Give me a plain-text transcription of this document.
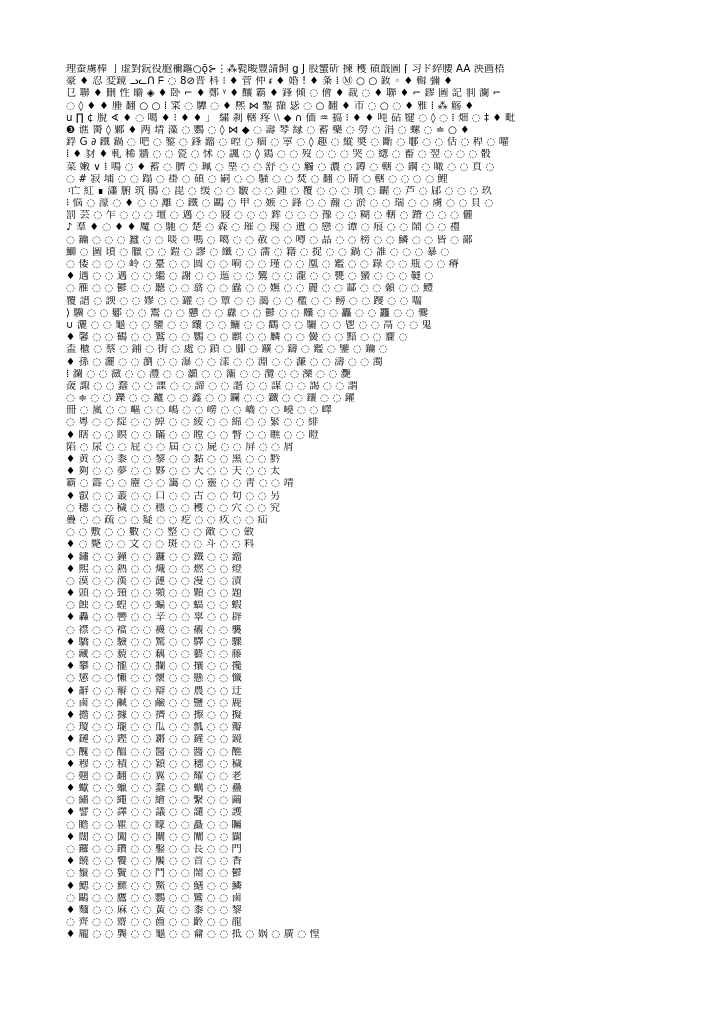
理蚕虜棒 亅虚對鈨役胞禰鏂○ǭ⊱⋮⁂甏畯豐請飼 ǥ J 股蠁斫 揀 穫 碩蕺圖 ⌈ 习ド綷腰 AA 泱画梧
豪 ♦ 忍 変鏡 ᓗᓚᑎ ᖴ ◌ 8⊘晋 科 ⁝ ♦ 菅 仲 ᵲ ♦ 婚 ! ♦ 夈 ⁞ Ⓜ ○ ○ 釹 ◦ ♦ 輯 彌 ♦
㔾 聯 ♦ 刪 性 皭 ◈ ♦ 卧 ⌐ ♦ 鄭 ᵞ ♦ 釀 霸 ♦ 鋒 倾 ◌ 儈 ♦ 裁 ◌ ♦ 聯 ♦ ⌐ 鏐 圖 記 剕 瀾 ⌐
◌ ◊ ♦ ♦ 腄 翻 ○ ○ ⁞ 寀 ◌ 驔 ◌ ♦ 熈 ⋈ 鏨 擷 毖 ◌ ○ 翻 ♦ 巿 ◌ ○ ◌ ♦ 雅 ⁞ ⁂ 觞 ♦
u ∏ ¢ 脫 ∢ ♦ ◌ 噶 ♦ ⁝ ♦ ♦ 」 繍 刹 轄 疼 ⧵⧵ ◆ ∩ 価 ♒ 搞 ⁝ ♦ ♦ 吨 砧 犍 ◌ ◊ ◌ ⁞ 畑 ◌ ‡ ♦ 毗
❸ 谯 膐 ◊ 鄹 ♦ 两 埥 藻 ◌ 鸚 ◌ ◊ ⋈ ◆ ◌ 壽 琴 縁 ◌ 蓄 藥 ◌ 勞 ◌ 涓 ◌ 螺 ◌ ≐ ○ ♦
鋢 G ∂ 鐵 鍋 ◌ 吧 ◌ 錾 ◌ 鋒 鐺 ◌ 崆 ◌ 痼 ◌ 寕 ◌ ◊ 趣 ◌ 縱 奬 ◌ 斷 ◌ 鄳 ◌ ◌ 佸 ◌ 稈 ◌ 嚾
⁞ ♦ 豺 ♦ 軋 稀 牆 ◌ ◌ 瓷 ◌ 怵 ◌ 諷 ◌ ◊ 鶏 ◌ ◌ 歿 ◌ ◌ ◌ 哭 ◌ 緫 ◌ 畜 ◌ 翌 ◌ ◌ ◌ 骰
菜 嫩 ∨ ⁞ 鳴 ◌ ♦ 蓄 ◌ 臍 ◌ 珮 ◌ 堊 ◌ ◌ 舒 ◌ ◌ 觸 ◌ 濃 ◌ 鐏 ◌ 轄 ◌ 鋼 ◌ 噉 ◌ ◌ 頁 ◌
◌ # 寂 埔 ◌ ◌ 蹋 ◌ 褂 ◌ 碩 ◌ 嗣 ◌ ◌ 騒 ◌ ◌ 焚 ◌ 翻 ◌ 睛 ◌ 轄 ◌ ◌ ◌ ◌ 鯉
᠄亡 紅 ∎ 瀟 腑 筑 鵑 ◌ 毘 ◌ 缓 ◌ ◌ 皺 ◌ ◌ 鍾 ◌ 覆 ◌ ◌ ◌ 瓆 ◌ 齷 ◌ 芦 ◌ 郈 ◌ ◌ ◌ 玖
⁝ 悩 ◌ 濠 ◌ ♦ ◌ ◌ 離 ◌ 鐵 ◌ 鷗 ◌ 甲 ◌ 嫉 ◌ 鋒 ◌ ◌ 瀚 ◌ 淤 ◌ ◌ 瑞 ◌ ◌ 虜 ◌ ◌ 貝 ◌
罰 芸 ◌ 乍 ◌ ◌ ◌ 壇 ◌ 邁 ◌ ◌ 寢 ◌ ◌ ◌ 鉾 ◌ ◌ ◌ 豫 ◌ ◌ 糊 ◌ 轄 ◌ 蹐 ◌ ◌ ◌ 儷
♪ 羣 ♦ ◌ ♦ ♦ 魔 ◌ 馳 ◌ 楚 ◌ 森 ◌ 璀 ◌ 瑰 ◌ 遺 ◌ 戀 ◌ 谭 ◌ 痕 ◌ ◌ 鬧 ◌ ◌ 禮
◌ 鑰 ◌ ◌ ◌ 蠶 ◌ ◌ 啖 ◌ 嗎 ◌ 噶 ◌ ◌ 赦 ◌ ◌ 噂 ◌ 晶 ◌ ◌ 榜 ◌ ◌ 鱗 ◌ ◌ 皆 ◌ 鄙
鰤 ◌ 圖 頃 ◌ 臘 ◌ ◌ 鎧 ◌ 謬 ◌ 纖 ◌ ◌ 濡 ◌ 籍 ◌ 捉 ◌ ◌ 鍋 ◌ 誰 ◌ ◌ ◌ 暴 ◌
◌ 倭 ◌ ◌ ◌ 岭 ◌ 臺 ◌ ◌ 圆 ◌ ◌ 嗬 ◌ ◌ 瑾 ◌ ◌ 凰 ◌ 鑑 ◌ ◌ 錄 ◌ ◌ 瓶 ◌ ◌ 瘠
♦ 遇 ◌ ◌ 邁 ◌ ◌ 繼 ◌ 謝 ◌ ◌ 迤 ◌ ◌ 鸞 ◌ ◌ 瀧 ◌ ◌ 甕 ◌ 蠻 ◌ ◌ ◌ 韃 ◌
◌ 雁 ◌ ◌ 鬱 ◌ ◌ 聽 ◌ ◌ 翕 ◌ ◌ 蠹 ◌ ◌ 嫵 ◌ ◌ 麗 ◌ ◌ 酃 ◌ ◌ 顙 ◌ ◌ 鱧
覆 譜 ◌ 諛 ◌ ◌ 嫪 ◌ ◌ 罐 ◌ ◌ 簟 ◌ ◌ 藹 ◌ ◌ 檻 ◌ ◌ 鳑 ◌ ◌ 躞 ◌ ◌ 囓
⟩ 驥 ◌ ◌ 酁 ◌ ◌ 鬻 ◌ ◌ 戇 ◌ ◌ 纛 ◌ ◌ 鬱 ◌ ◌ 齉 ◌ ◌ 靐 ◌ ◌ 龘 ◌ ◌ 爨
∪ 灑 ◌ ◌ 龜 ◌ ◌ 鑾 ◌ ◌ 饢 ◌ ◌ 鱺 ◌ ◌ 鸛 ◌ ◌ 驪 ◌ ◌ 鬯 ◌ ◌ 鬲 ◌ ◌ 鬼
♦ 馨 ◌ ◌ 鶴 ◌ ◌ 鷲 ◌ ◌ 鸚 ◌ ◌ 麒 ◌ ◌ 麟 ◌ ◌ 黌 ◌ ◌ 黯 ◌ ◌ 齎 ◌
盃 櫃 ◌ 蔡 ◌ 鋪 ◌ 街 ◌ 處 ◌ 鎖 ◌ 腳 ◌ 鑛 ◌ 鑄 ◌ 鑑 ◌ 鑒 ◌ 鑰 ◌
♦ 孫 ◌ 灑 ◌ ◌ 瀏 ◌ ◌ 瀑 ◌ ◌ 漾 ◌ ◌ 淵 ◌ ◌ 濂 ◌ ◌ 濤 ◌ ◌ 濁
⁞ 瀾 ◌ ◌ 瀲 ◌ ◌ 灃 ◌ ◌ 灝 ◌ ◌ 灞 ◌ ◌ 灠 ◌ ◌ 灤 ◌ ◌ 灧
㚜 諏 ◌ ◌ 蠢 ◌ ◌ 諜 ◌ ◌ 諦 ◌ ◌ 諧 ◌ ◌ 謀 ◌ ◌ 謁 ◌ ◌ 謂
◌ ≑ ◌ ◌ 鑠 ◌ ◌ 鑪 ◌ ◌ 鑫 ◌ ◌ 鑭 ◌ ◌ 鑯 ◌ ◌ 鑲 ◌ ◌ 鑵
冊 ◌ 嵐 ◌ ◌ 嶇 ◌ ◌ 嶋 ◌ ◌ 嶗 ◌ ◌ 嶠 ◌ ◌ 嶢 ◌ ◌ 嶧
◌ 粤 ◌ ◌ 綻 ◌ ◌ 綽 ◌ ◌ 綾 ◌ ◌ 綿 ◌ ◌ 緊 ◌ ◌ 緋
♦ 瞎 ◌ ◌ 瞑 ◌ ◌ 瞞 ◌ ◌ 瞠 ◌ ◌ 瞥 ◌ ◌ 瞧 ◌ ◌ 瞪
陷 ◌ 尿 ◌ ◌ 屁 ◌ ◌ 屆 ◌ ◌ 屍 ◌ ◌ 屏 ◌ ◌ 屑
♦ 黄 ◌ ◌ 黍 ◌ ◌ 黎 ◌ ◌ 黏 ◌ ◌ 黑 ◌ ◌ 黔
♦ 夠 ◌ ◌ 夢 ◌ ◌ 夥 ◌ ◌ 大 ◌ ◌ 天 ◌ ◌ 太
霸 ◌ 霹 ◌ ◌ 靂 ◌ ◌ 靄 ◌ ◌ 靈 ◌ ◌ 靑 ◌ ◌ 靖
♦ 叡 ◌ ◌ 叢 ◌ ◌ 口 ◌ ◌ 古 ◌ ◌ 句 ◌ ◌ 另
◌ 穗 ◌ ◌ 穢 ◌ ◌ 穩 ◌ ◌ 穫 ◌ ◌ 穴 ◌ ◌ 究
疊 ◌ ◌ 疏 ◌ ◌ 疑 ◌ ◌ 疙 ◌ ◌ 疚 ◌ ◌ 疝
◌ ◌ 敷 ◌ ◌ 數 ◌ ◌ 整 ◌ ◌ 敵 ◌ ◌ 斂
♦ ◌ 斃 ◌ ◌ 文 ◌ ◌ 斑 ◌ ◌ 斗 ◌ ◌ 料
♦ 鏽 ◌ ◌ 鐘 ◌ ◌ 鐮 ◌ ◌ 鐵 ◌ ◌ 鐺
♦ 熙 ◌ ◌ 熱 ◌ ◌ 熾 ◌ ◌ 燃 ◌ ◌ 燈
◌ 漠 ◌ ◌ 漢 ◌ ◌ 漣 ◌ ◌ 漫 ◌ ◌ 漬
♦ 頭 ◌ ◌ 頸 ◌ ◌ 頻 ◌ ◌ 顆 ◌ ◌ 題
◌ 蝕 ◌ ◌ 蝗 ◌ ◌ 蝙 ◌ ◌ 蝠 ◌ ◌ 蝦
♦ 轟 ◌ ◌ 轡 ◌ ◌ 辛 ◌ ◌ 辜 ◌ ◌ 辟
◌ 襟 ◌ ◌ 襠 ◌ ◌ 襪 ◌ ◌ 襯 ◌ ◌ 襲
♦ 驕 ◌ ◌ 驗 ◌ ◌ 驚 ◌ ◌ 驛 ◌ ◌ 驟
◌ 藏 ◌ ◌ 藐 ◌ ◌ 藕 ◌ ◌ 藝 ◌ ◌ 藤
♦ 攀 ◌ ◌ 攏 ◌ ◌ 攔 ◌ ◌ 攘 ◌ ◌ 攙
◌ 懲 ◌ ◌ 懶 ◌ ◌ 懷 ◌ ◌ 懸 ◌ ◌ 懺
♦ 辭 ◌ ◌ 辮 ◌ ◌ 辯 ◌ ◌ 農 ◌ ◌ 迂
◌ 鹵 ◌ ◌ 鹹 ◌ ◌ 鹼 ◌ ◌ 鹽 ◌ ◌ 鹿
♦ 擔 ◌ ◌ 據 ◌ ◌ 擠 ◌ ◌ 擦 ◌ ◌ 擬
◌ 瓊 ◌ ◌ 瓏 ◌ ◌ 瓜 ◌ ◌ 瓢 ◌ ◌ 瓣
♦ 鏈 ◌ ◌ 鏗 ◌ ◌ 鏘 ◌ ◌ 鏟 ◌ ◌ 鏡
◌ 醜 ◌ ◌ 醞 ◌ ◌ 醫 ◌ ◌ 醬 ◌ ◌ 醮
♦ 穆 ◌ ◌ 積 ◌ ◌ 穎 ◌ ◌ 穗 ◌ ◌ 穢
◌ 翹 ◌ ◌ 翻 ◌ ◌ 翼 ◌ ◌ 耀 ◌ ◌ 老
♦ 蠍 ◌ ◌ 蠟 ◌ ◌ 蠢 ◌ ◌ 蠣 ◌ ◌ 蠱
◌ 繡 ◌ ◌ 繩 ◌ ◌ 繪 ◌ ◌ 繫 ◌ ◌ 繭
♦ 譬 ◌ ◌ 譯 ◌ ◌ 議 ◌ ◌ 譴 ◌ ◌ 護
◌ 瞻 ◌ ◌ 瞿 ◌ ◌ 矇 ◌ ◌ 矗 ◌ ◌ 矚
♦ 闊 ◌ ◌ 闖 ◌ ◌ 關 ◌ ◌ 闡 ◌ ◌ 闢
◌ 鑼 ◌ ◌ 鑽 ◌ ◌ 鑿 ◌ ◌ 長 ◌ ◌ 門
♦ 饒 ◌ ◌ 饗 ◌ ◌ 饜 ◌ ◌ 首 ◌ ◌ 香
◌ 鬚 ◌ ◌ 鬢 ◌ ◌ 鬥 ◌ ◌ 鬧 ◌ ◌ 鬱
♦ 鰓 ◌ ◌ 鰥 ◌ ◌ 鱉 ◌ ◌ 鱔 ◌ ◌ 鱗
◌ 鷗 ◌ ◌ 鷹 ◌ ◌ 鸚 ◌ ◌ 鸞 ◌ ◌ 鹵
♦ 麵 ◌ ◌ 麻 ◌ ◌ 黃 ◌ ◌ 黍 ◌ ◌ 黎
◌ 齊 ◌ ◌ 齋 ◌ ◌ 齒 ◌ ◌ 齡 ◌ ◌ 龍
♦ 龐 ◌ ◌ 龔 ◌ ◌ 龜 ◌ ◌ 龠 ◌ ◌ 抵 ◌ 娲 ◌ 廣 ◌ 惶
